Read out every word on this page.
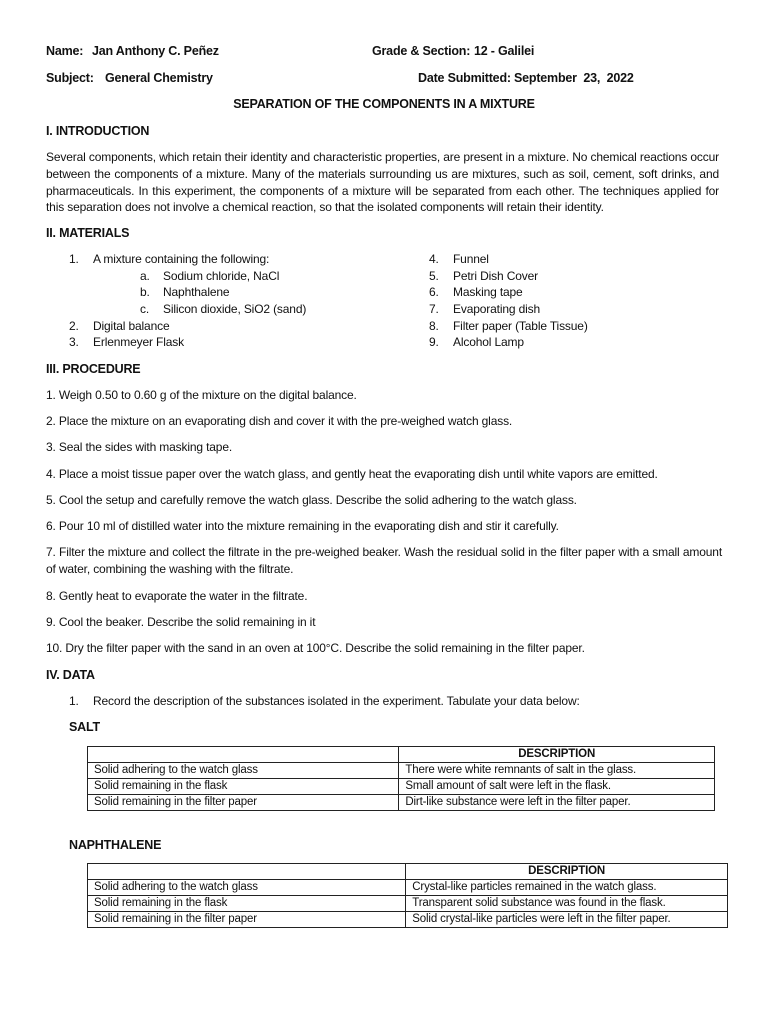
Name: Jan Anthony C. Peñez	Grade & Section: 12 - Galilei
Subject: General Chemistry	Date Submitted: September  23,  2022
SEPARATION OF THE COMPONENTS IN A MIXTURE
I. INTRODUCTION
Several components, which retain their identity and characteristic properties, are present in a mixture. No chemical reactions occur between the components of a mixture. Many of the materials surrounding us are mixtures, such as soil, cement, soft drinks, and pharmaceuticals. In this experiment, the components of a mixture will be separated from each other. The techniques applied for this separation does not involve a chemical reaction, so that the isolated components will retain their identity.
II. MATERIALS
1. A mixture containing the following:
a. Sodium chloride, NaCl
b. Naphthalene
c. Silicon dioxide, SiO2 (sand)
2. Digital balance
3. Erlenmeyer Flask
4. Funnel
5. Petri Dish Cover
6. Masking tape
7. Evaporating dish
8. Filter paper (Table Tissue)
9. Alcohol Lamp
III. PROCEDURE
1. Weigh 0.50 to 0.60 g of the mixture on the digital balance.
2. Place the mixture on an evaporating dish and cover it with the pre-weighed watch glass.
3. Seal the sides with masking tape.
4. Place a moist tissue paper over the watch glass, and gently heat the evaporating dish until white vapors are emitted.
5. Cool the setup and carefully remove the watch glass. Describe the solid adhering to the watch glass.
6. Pour 10 ml of distilled water into the mixture remaining in the evaporating dish and stir it carefully.
7. Filter the mixture and collect the filtrate in the pre-weighed beaker. Wash the residual solid in the filter paper with a small amount of water, combining the washing with the filtrate.
8. Gently heat to evaporate the water in the filtrate.
9. Cool the beaker. Describe the solid remaining in it
10. Dry the filter paper with the sand in an oven at 100°C. Describe the solid remaining in the filter paper.
IV. DATA
1. Record the description of the substances isolated in the experiment. Tabulate your data below:
SALT
	DESCRIPTION
Solid adhering to the watch glass	There were white remnants of salt in the glass.
Solid remaining in the flask	Small amount of salt were left in the flask.
Solid remaining in the filter paper	Dirt-like substance were left in the filter paper.
NAPHTHALENE
	DESCRIPTION
Solid adhering to the watch glass	Crystal-like particles remained in the watch glass.
Solid remaining in the flask	Transparent solid substance was found in the flask.
Solid remaining in the filter paper	Solid crystal-like particles were left in the filter paper.
